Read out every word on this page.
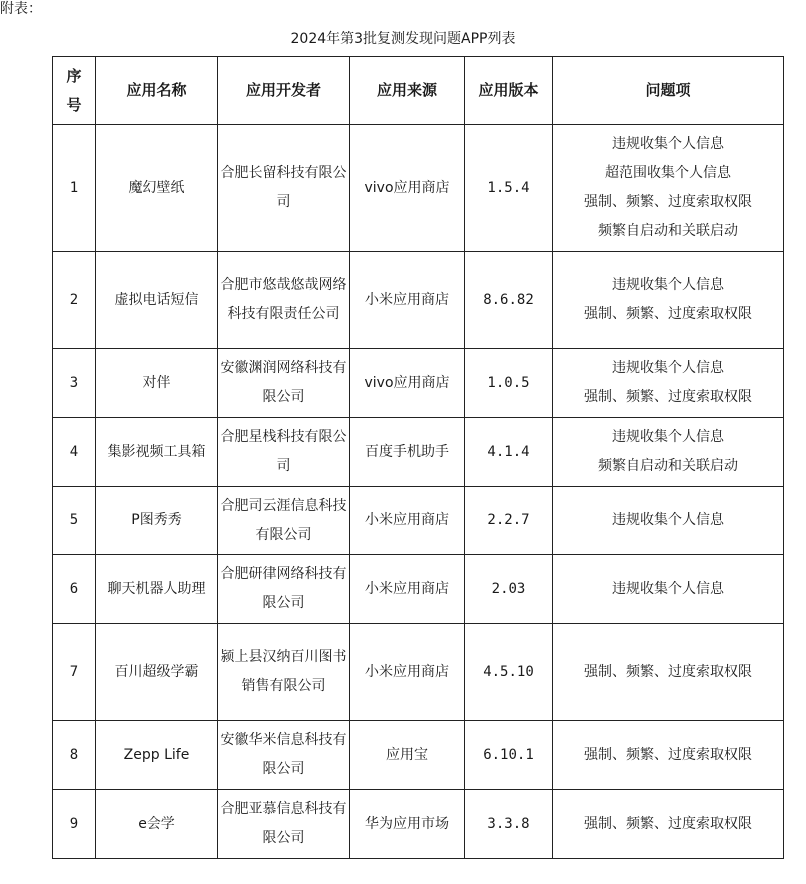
附表：
2024年第3批复测发现问题APP列表
序
号	应用名称	应用开发者	应用来源	应用版本	问题项
1	魔幻壁纸	合肥长留科技有限公司	vivo应用商店	1.5.4	违规收集个人信息
超范围收集个人信息
强制、频繁、过度索取权限
频繁自启动和关联启动

2	虚拟电话短信	合肥市悠哉悠哉网络科技有限责任公司	小米应用商店	8.6.82	违规收集个人信息
强制、频繁、过度索取权限

3	对伴	安徽渊润网络科技有限公司	vivo应用商店	1.0.5	违规收集个人信息
强制、频繁、过度索取权限

4	集影视频工具箱	合肥星栈科技有限公司	百度手机助手	4.1.4	违规收集个人信息
频繁自启动和关联启动

5	P图秀秀	合肥司云涯信息科技有限公司	小米应用商店	2.2.7	违规收集个人信息

6	聊天机器人助理	合肥研律网络科技有限公司	小米应用商店	2.03	违规收集个人信息

7	百川超级学霸	颍上县汉纳百川图书销售有限公司	小米应用商店	4.5.10	强制、频繁、过度索取权限

8	Zepp Life	安徽华米信息科技有限公司	应用宝	6.10.1	强制、频繁、过度索取权限

9	e会学	合肥亚慕信息科技有限公司	华为应用市场	3.3.8	强制、频繁、过度索取权限
